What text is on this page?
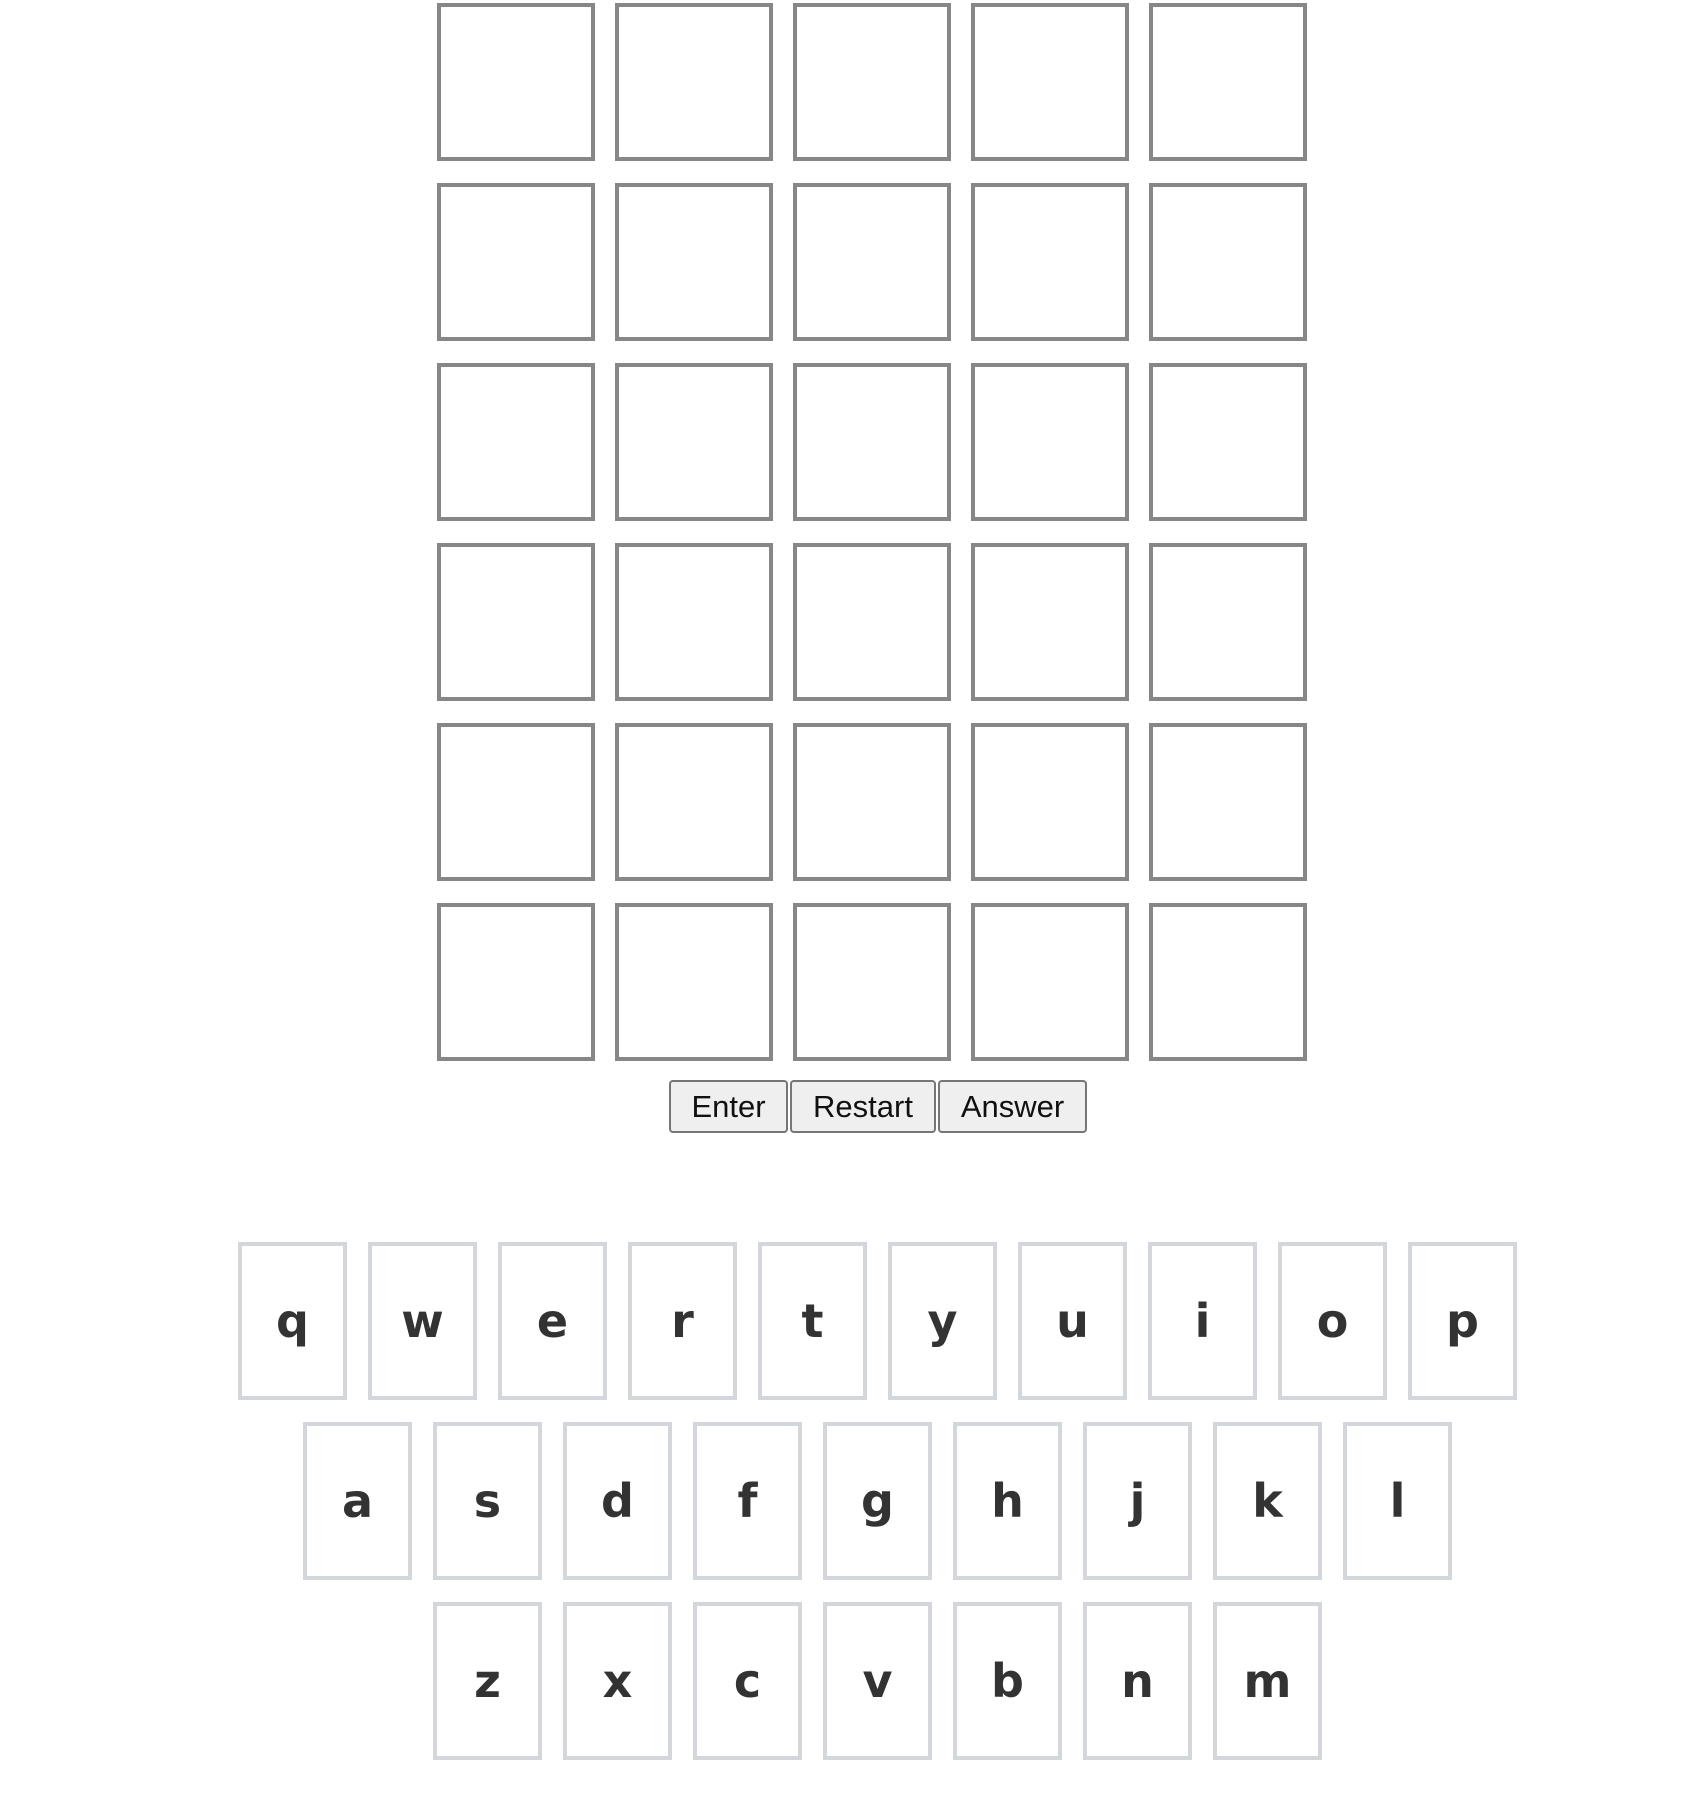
Enter	Restart	Answer
q	w	e	r	t	y	u	i	o	p
a	s	d	f	g	h	j	k	l
z	x	c	v	b	n	m
